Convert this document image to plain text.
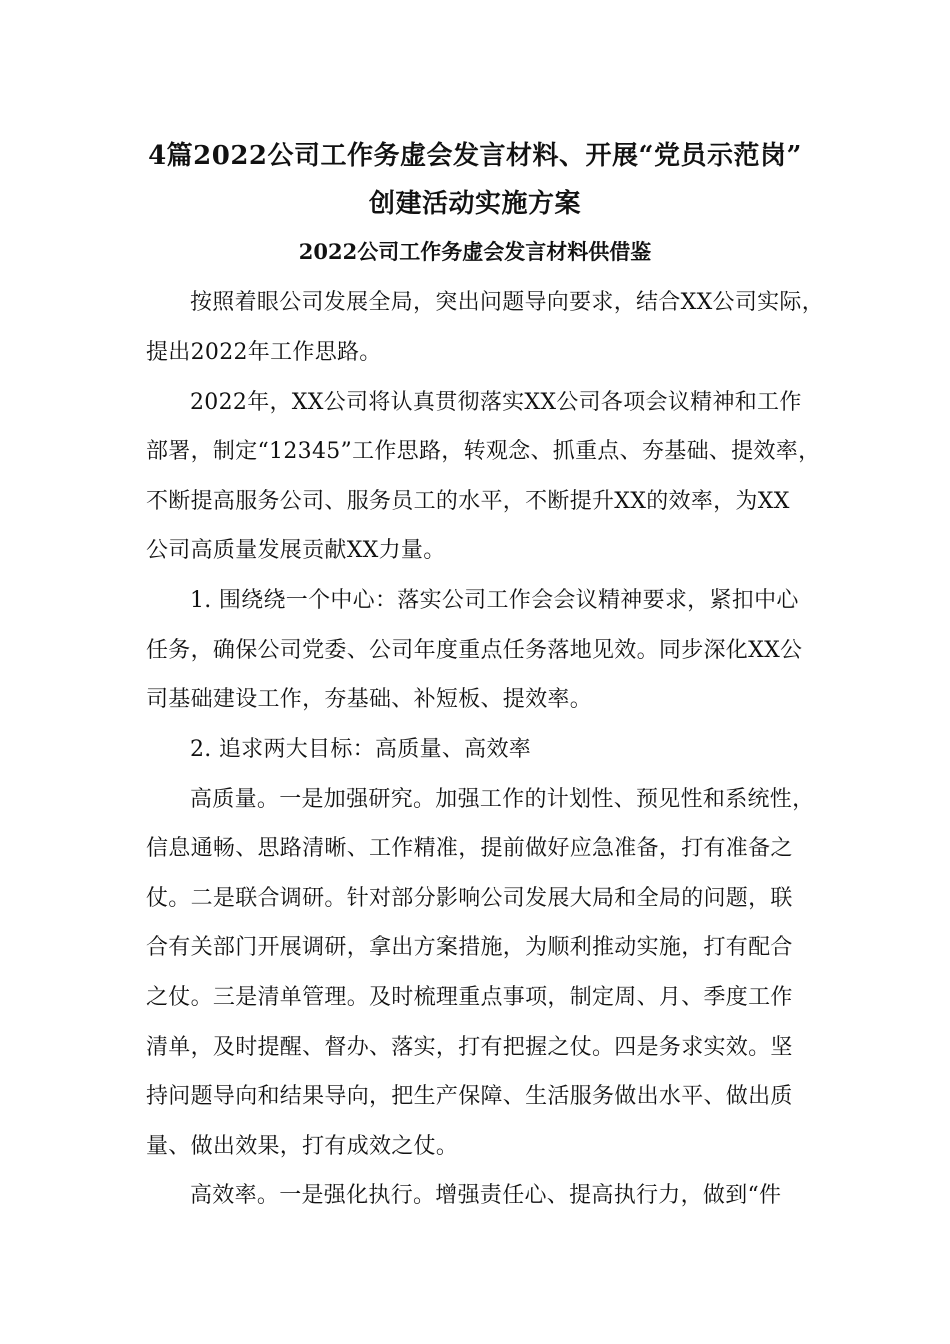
4篇2022公司工作务虚会发言材料、开展“党员示范岗”
创建活动实施方案
2022公司工作务虚会发言材料供借鉴
按照着眼公司发展全局，突出问题导向要求，结合XX公司实际，
提出2022年工作思路。
2022年，XX公司将认真贯彻落实XX公司各项会议精神和工作
部署，制定“12345”工作思路，转观念、抓重点、夯基础、提效率，
不断提高服务公司、服务员工的水平，不断提升XX的效率，为XX
公司高质量发展贡献XX力量。
1. 围绕绕一个中心：落实公司工作会会议精神要求，紧扣中心
任务，确保公司党委、公司年度重点任务落地见效。同步深化XX公
司基础建设工作，夯基础、补短板、提效率。
2. 追求两大目标：高质量、高效率
高质量。一是加强研究。加强工作的计划性、预见性和系统性，
信息通畅、思路清晰、工作精准，提前做好应急准备，打有准备之
仗。二是联合调研。针对部分影响公司发展大局和全局的问题，联
合有关部门开展调研，拿出方案措施，为顺利推动实施，打有配合
之仗。三是清单管理。及时梳理重点事项，制定周、月、季度工作
清单，及时提醒、督办、落实，打有把握之仗。四是务求实效。坚
持问题导向和结果导向，把生产保障、生活服务做出水平、做出质
量、做出效果，打有成效之仗。
高效率。一是强化执行。增强责任心、提高执行力，做到“件
